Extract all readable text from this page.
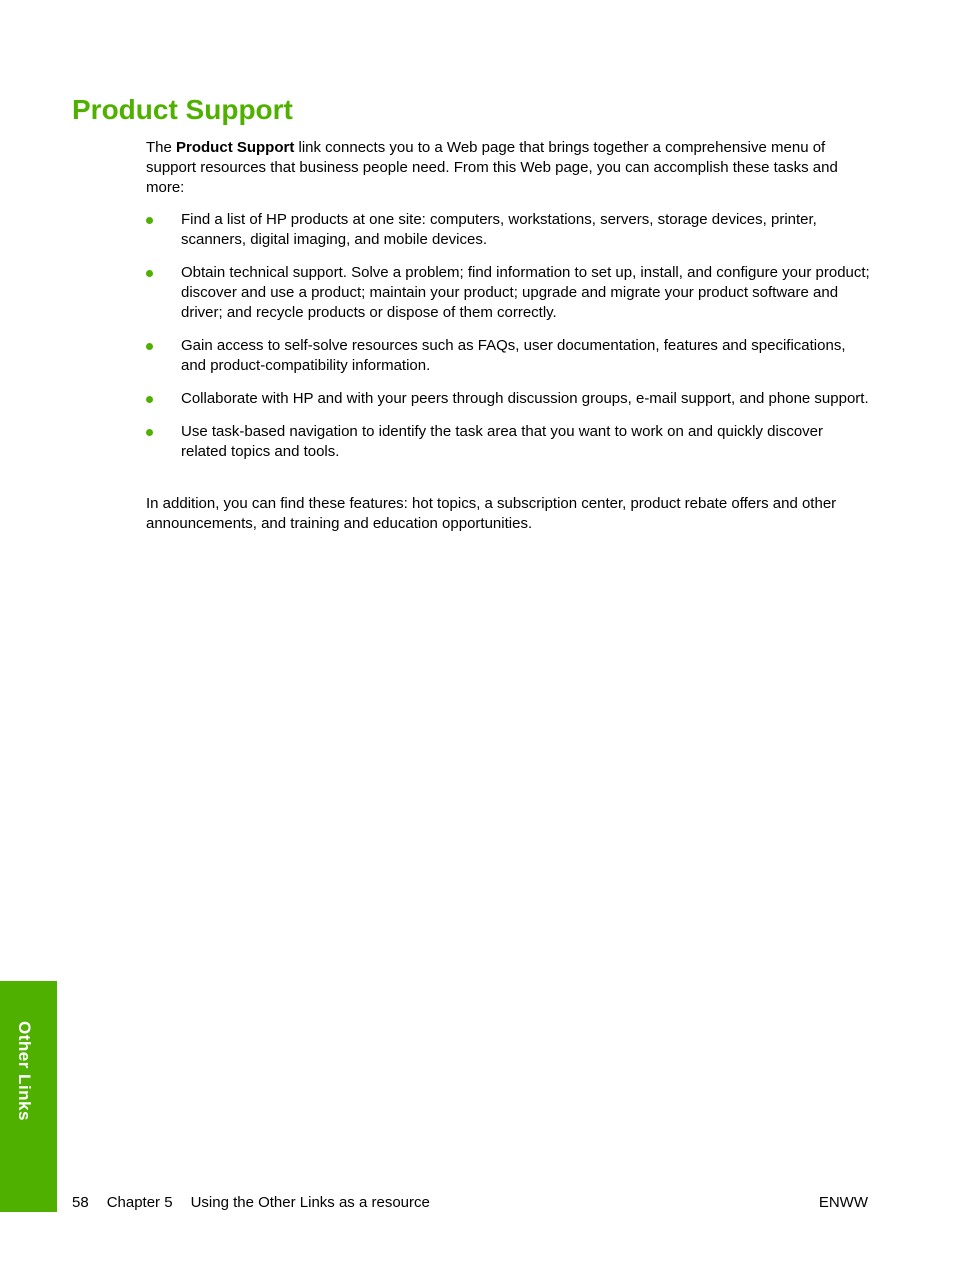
Product Support

The Product Support link connects you to a Web page that brings together a comprehensive menu of support resources that business people need. From this Web page, you can accomplish these tasks and more:

Find a list of HP products at one site: computers, workstations, servers, storage devices, printer, scanners, digital imaging, and mobile devices.
Obtain technical support. Solve a problem; find information to set up, install, and configure your product; discover and use a product; maintain your product; upgrade and migrate your product software and driver; and recycle products or dispose of them correctly.
Gain access to self-solve resources such as FAQs, user documentation, features and specifications, and product-compatibility information.
Collaborate with HP and with your peers through discussion groups, e-mail support, and phone support.
Use task-based navigation to identify the task area that you want to work on and quickly discover related topics and tools.

In addition, you can find these features: hot topics, a subscription center, product rebate offers and other announcements, and training and education opportunities.

Other Links
58 Chapter 5 Using the Other Links as a resource	ENWW
